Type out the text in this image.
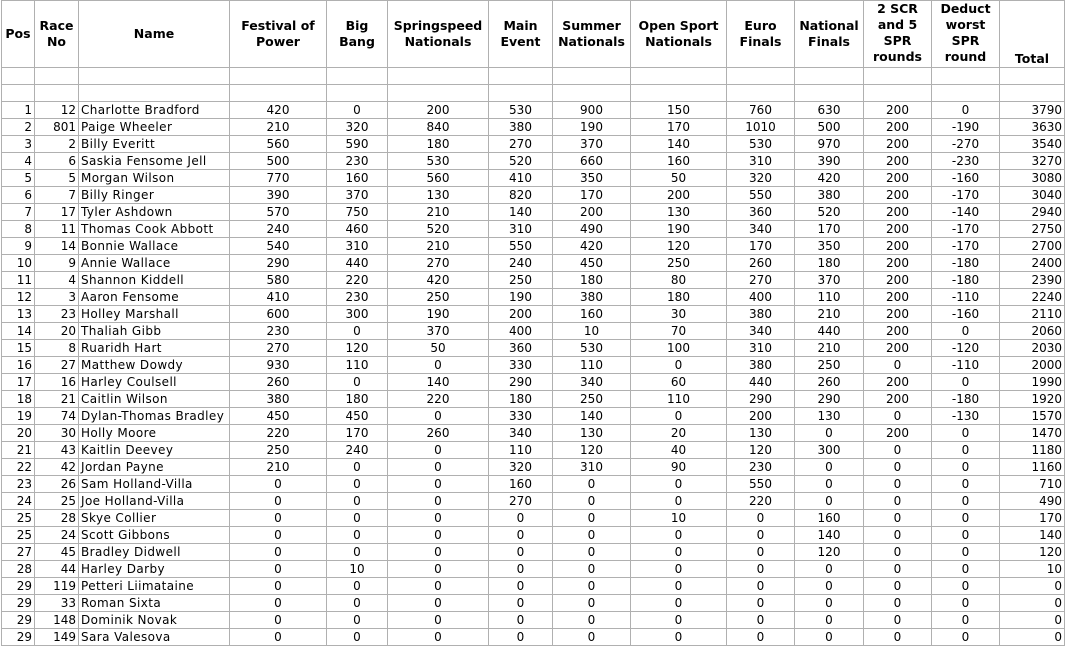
Pos	Race No	Name	Festival of Power	Big Bang	Springspeed Nationals	Main Event	Summer Nationals	Open Sport Nationals	Euro Finals	National Finals	2 SCR and 5 SPR rounds	Deduct worst SPR round	Total

1	12	Charlotte Bradford	420	0	200	530	900	150	760	630	200	0	3790
2	801	Paige Wheeler	210	320	840	380	190	170	1010	500	200	-190	3630
3	2	Billy Everitt	560	590	180	270	370	140	530	970	200	-270	3540
4	6	Saskia Fensome Jell	500	230	530	520	660	160	310	390	200	-230	3270
5	5	Morgan Wilson	770	160	560	410	350	50	320	420	200	-160	3080
6	7	Billy Ringer	390	370	130	820	170	200	550	380	200	-170	3040
7	17	Tyler Ashdown	570	750	210	140	200	130	360	520	200	-140	2940
8	11	Thomas Cook Abbott	240	460	520	310	490	190	340	170	200	-170	2750
9	14	Bonnie Wallace	540	310	210	550	420	120	170	350	200	-170	2700
10	9	Annie Wallace	290	440	270	240	450	250	260	180	200	-180	2400
11	4	Shannon Kiddell	580	220	420	250	180	80	270	370	200	-180	2390
12	3	Aaron Fensome	410	230	250	190	380	180	400	110	200	-110	2240
13	23	Holley Marshall	600	300	190	200	160	30	380	210	200	-160	2110
14	20	Thaliah Gibb	230	0	370	400	10	70	340	440	200	0	2060
15	8	Ruaridh Hart	270	120	50	360	530	100	310	210	200	-120	2030
16	27	Matthew Dowdy	930	110	0	330	110	0	380	250	0	-110	2000
17	16	Harley Coulsell	260	0	140	290	340	60	440	260	200	0	1990
18	21	Caitlin Wilson	380	180	220	180	250	110	290	290	200	-180	1920
19	74	Dylan-Thomas Bradley	450	450	0	330	140	0	200	130	0	-130	1570
20	30	Holly Moore	220	170	260	340	130	20	130	0	200	0	1470
21	43	Kaitlin Deevey	250	240	0	110	120	40	120	300	0	0	1180
22	42	Jordan Payne	210	0	0	320	310	90	230	0	0	0	1160
23	26	Sam Holland-Villa	0	0	0	160	0	0	550	0	0	0	710
24	25	Joe Holland-Villa	0	0	0	270	0	0	220	0	0	0	490
25	28	Skye Collier	0	0	0	0	0	10	0	160	0	0	170
25	24	Scott Gibbons	0	0	0	0	0	0	0	140	0	0	140
27	45	Bradley Didwell	0	0	0	0	0	0	0	120	0	0	120
28	44	Harley Darby	0	10	0	0	0	0	0	0	0	0	10
29	119	Petteri Liimataine	0	0	0	0	0	0	0	0	0	0	0
29	33	Roman Sixta	0	0	0	0	0	0	0	0	0	0	0
29	148	Dominik Novak	0	0	0	0	0	0	0	0	0	0	0
29	149	Sara Valesova	0	0	0	0	0	0	0	0	0	0	0
